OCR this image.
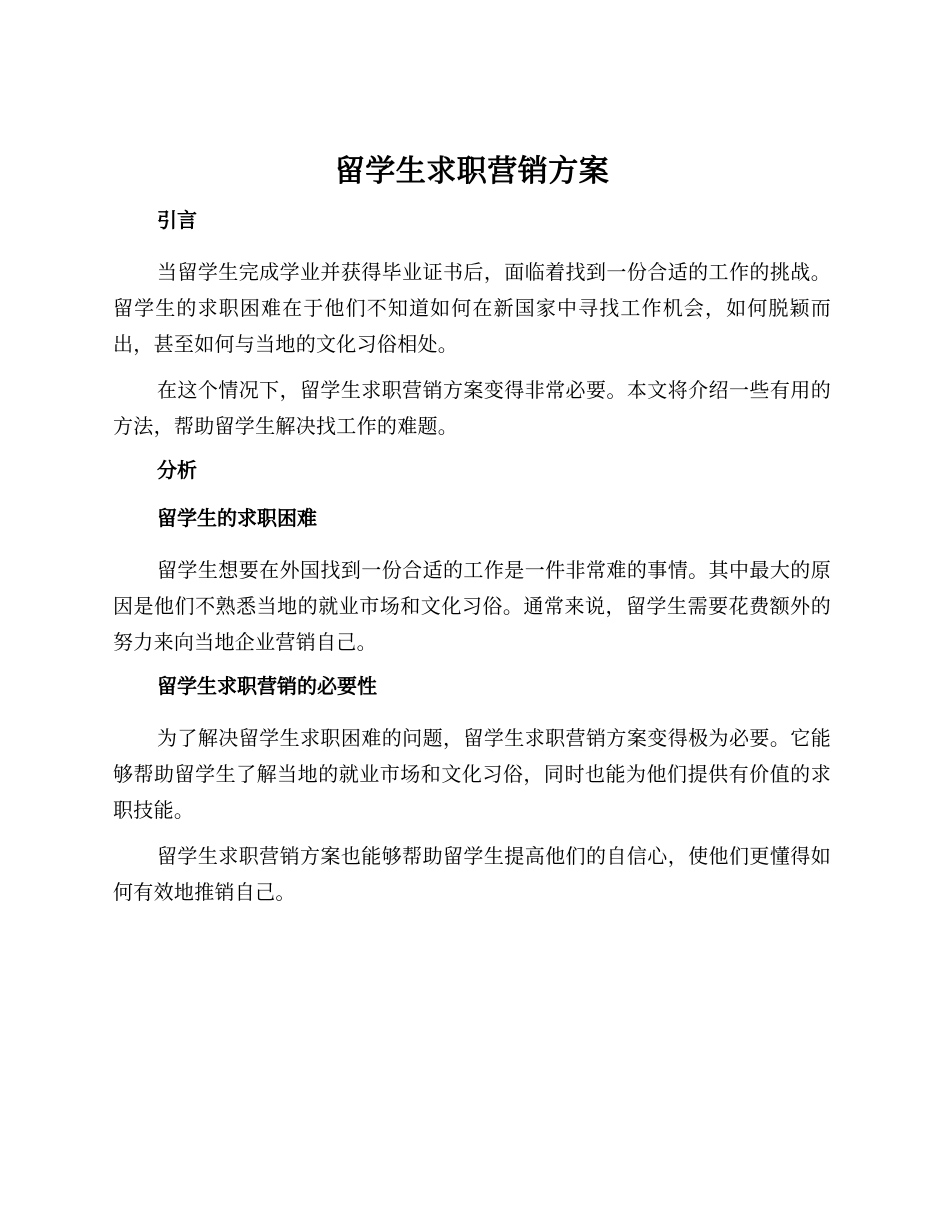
留学生求职营销方案
引言

当留学生完成学业并获得毕业证书后，面临着找到一份合适的工作的挑战。留学生的求职困难在于他们不知道如何在新国家中寻找工作机会，如何脱颖而出，甚至如何与当地的文化习俗相处。

在这个情况下，留学生求职营销方案变得非常必要。本文将介绍一些有用的方法，帮助留学生解决找工作的难题。

分析
留学生的求职困难

留学生想要在外国找到一份合适的工作是一件非常难的事情。其中最大的原因是他们不熟悉当地的就业市场和文化习俗。通常来说，留学生需要花费额外的努力来向当地企业营销自己。

留学生求职营销的必要性

为了解决留学生求职困难的问题，留学生求职营销方案变得极为必要。它能够帮助留学生了解当地的就业市场和文化习俗，同时也能为他们提供有价值的求职技能。

留学生求职营销方案也能够帮助留学生提高他们的自信心，使他们更懂得如何有效地推销自己。
